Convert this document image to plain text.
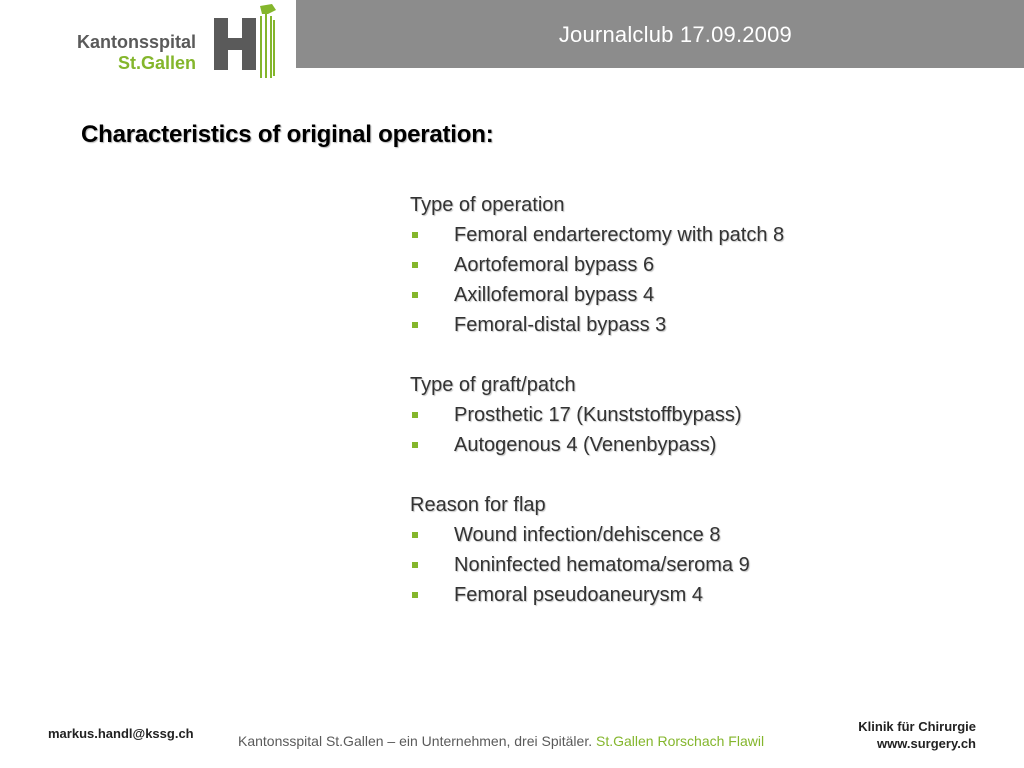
Journalclub 17.09.2009
Kantonsspital
St.Gallen
Characteristics of original operation:
Type of operation
Femoral endarterectomy with patch 8
Aortofemoral bypass 6
Axillofemoral bypass 4
Femoral-distal bypass 3
Type of graft/patch
Prosthetic 17 (Kunststoffbypass)
Autogenous 4 (Venenbypass)
Reason for flap
Wound infection/dehiscence 8
Noninfected hematoma/seroma 9
Femoral pseudoaneurysm 4
markus.handl@kssg.ch	Kantonsspital St.Gallen – ein Unternehmen, drei Spitäler. St.Gallen Rorschach Flawil
Klinik für Chirurgie
www.surgery.ch
